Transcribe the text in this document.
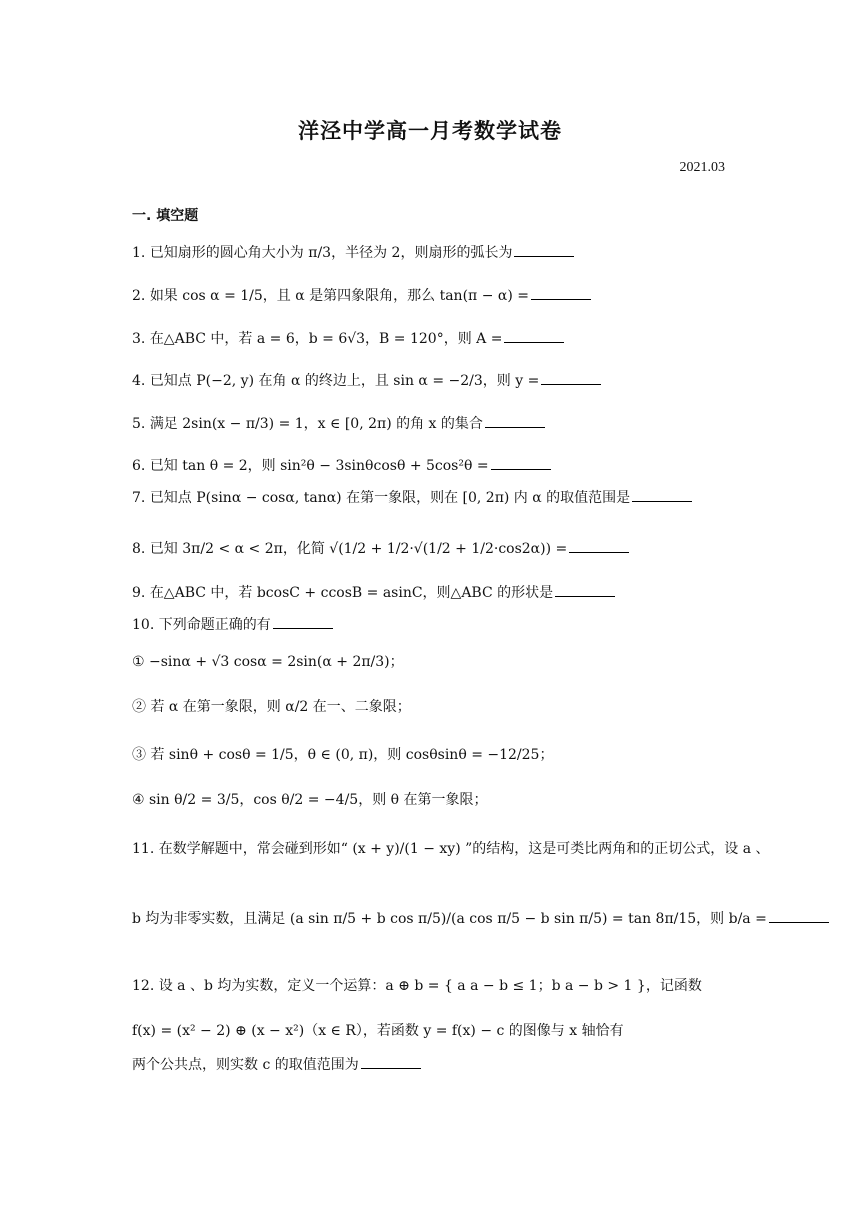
洋泾中学高一月考数学试卷
2021.03
一. 填空题
1. 已知扇形的圆心角大小为 π/3，半径为 2，则扇形的弧长为
2. 如果 cos α = 1/5，且 α 是第四象限角，那么 tan(π − α) =
3. 在△ABC 中，若 a = 6，b = 6√3，B = 120°，则 A =
4. 已知点 P(−2, y) 在角 α 的终边上，且 sin α = −2/3，则 y =
5. 满足 2sin(x − π/3) = 1，x ∈ [0, 2π) 的角 x 的集合
6. 已知 tan θ = 2，则 sin²θ − 3sinθcosθ + 5cos²θ =
7. 已知点 P(sinα − cosα, tanα) 在第一象限，则在 [0, 2π) 内 α 的取值范围是
8. 已知 3π/2 < α < 2π，化简 √(1/2 + 1/2·√(1/2 + 1/2·cos2α)) =
9. 在△ABC 中，若 bcosC + ccosB = asinC，则△ABC 的形状是
10. 下列命题正确的有
① −sinα + √3 cosα = 2sin(α + 2π/3)；
② 若 α 在第一象限，则 α/2 在一、二象限；
③ 若 sinθ + cosθ = 1/5，θ ∈ (0, π)，则 cosθsinθ = −12/25；
④ sin θ/2 = 3/5，cos θ/2 = −4/5，则 θ 在第一象限；
11. 在数学解题中，常会碰到形如“ (x + y)/(1 − xy) ”的结构，这是可类比两角和的正切公式，设 a 、
b 均为非零实数，且满足 (a sin π/5 + b cos π/5)/(a cos π/5 − b sin π/5) = tan 8π/15，则 b/a =
12. 设 a 、b 均为实数，定义一个运算：a ⊕ b = { a a − b ≤ 1；b a − b > 1 }，记函数
f(x) = (x² − 2) ⊕ (x − x²)（x ∈ R），若函数 y = f(x) − c 的图像与 x 轴恰有
两个公共点，则实数 c 的取值范围为
